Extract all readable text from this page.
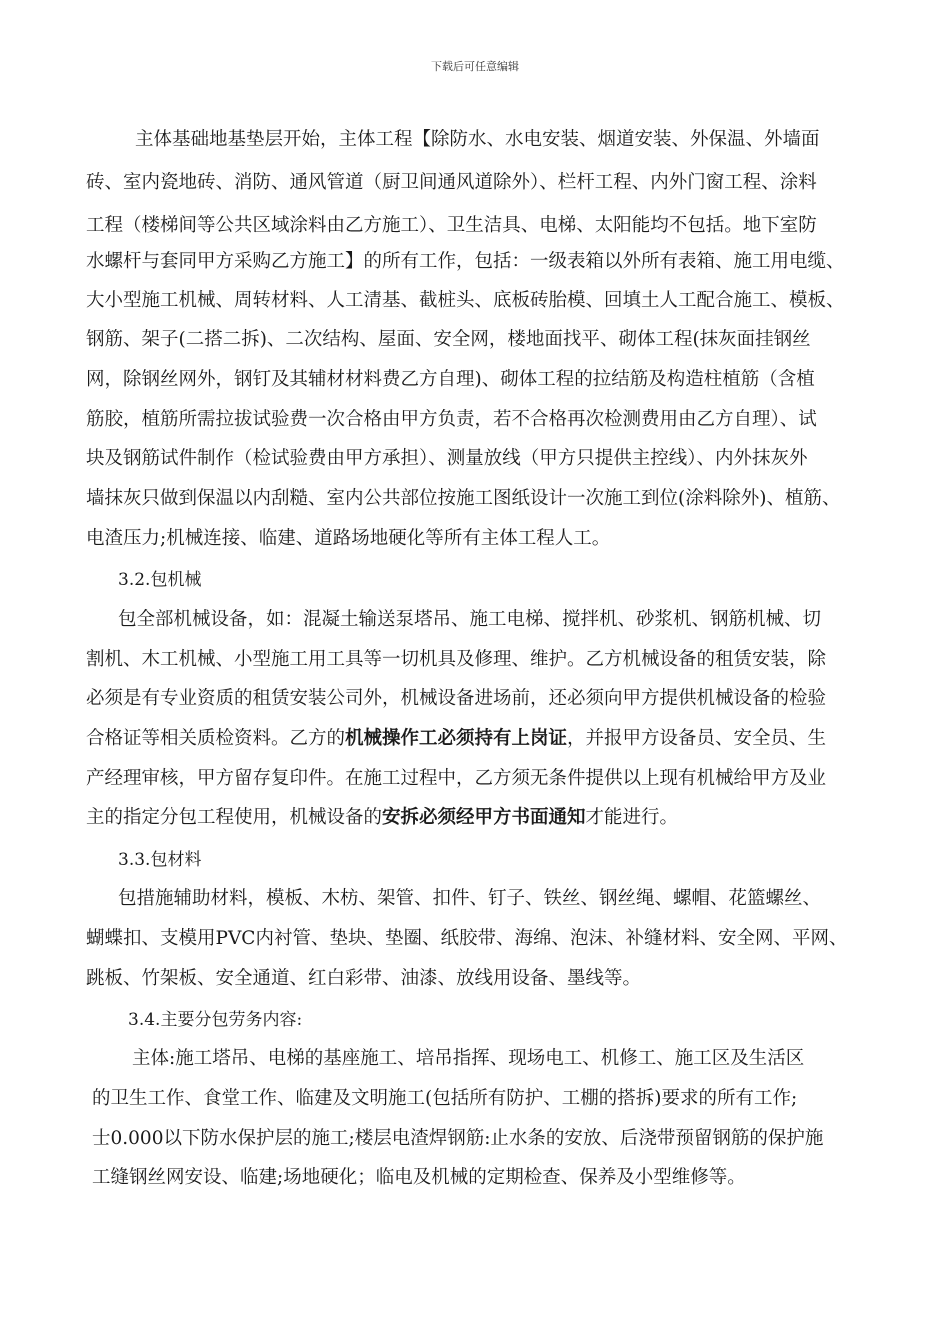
下载后可任意编辑
主体基础地基垫层开始，主体工程【除防水、水电安装、烟道安装、外保温、外墙面
砖、室内瓷地砖、消防、通风管道（厨卫间通风道除外）、栏杆工程、内外门窗工程、涂料
工程（楼梯间等公共区域涂料由乙方施工）、卫生洁具、电梯、太阳能均不包括。地下室防
水螺杆与套同甲方采购乙方施工】的所有工作，包括：一级表箱以外所有表箱、施工用电缆、
大小型施工机械、周转材料、人工清基、截桩头、底板砖胎模、回填土人工配合施工、模板、
钢筋、架子(二搭二拆)、二次结构、屋面、安全网，楼地面找平、砌体工程(抹灰面挂钢丝
网，除钢丝网外，钢钉及其辅材材料费乙方自理)、砌体工程的拉结筋及构造柱植筋（含植
筋胶，植筋所需拉拔试验费一次合格由甲方负责，若不合格再次检测费用由乙方自理）、试
块及钢筋试件制作（检试验费由甲方承担）、测量放线（甲方只提供主控线）、内外抹灰外
墙抹灰只做到保温以内刮糙、室内公共部位按施工图纸设计一次施工到位(涂料除外)、植筋、
电渣压力;机械连接、临建、道路场地硬化等所有主体工程人工。
3.2.包机械
包全部机械设备，如：混凝土输送泵塔吊、施工电梯、搅拌机、砂浆机、钢筋机械、切
割机、木工机械、小型施工用工具等一切机具及修理、维护。乙方机械设备的租赁安装，除
必须是有专业资质的租赁安装公司外，机械设备进场前，还必须向甲方提供机械设备的检验
合格证等相关质检资料。乙方的机械操作工必须持有上岗证，并报甲方设备员、安全员、生
产经理审核，甲方留存复印件。在施工过程中，乙方须无条件提供以上现有机械给甲方及业
主的指定分包工程使用，机械设备的安拆必须经甲方书面通知才能进行。
3.3.包材料
包措施辅助材料，模板、木枋、架管、扣件、钉子、铁丝、钢丝绳、螺帽、花篮螺丝、
蝴蝶扣、支模用PVC内衬管、垫块、垫圈、纸胶带、海绵、泡沫、补缝材料、安全网、平网、
跳板、竹架板、安全通道、红白彩带、油漆、放线用设备、墨线等。
3.4.主要分包劳务内容:
主体:施工塔吊、电梯的基座施工、培吊指挥、现场电工、机修工、施工区及生活区
的卫生工作、食堂工作、临建及文明施工(包括所有防护、工棚的搭拆)要求的所有工作;
士0.000以下防水保护层的施工;楼层电渣焊钢筋:止水条的安放、后浇带预留钢筋的保护施
工缝钢丝网安设、临建;场地硬化；临电及机械的定期检查、保养及小型维修等。
